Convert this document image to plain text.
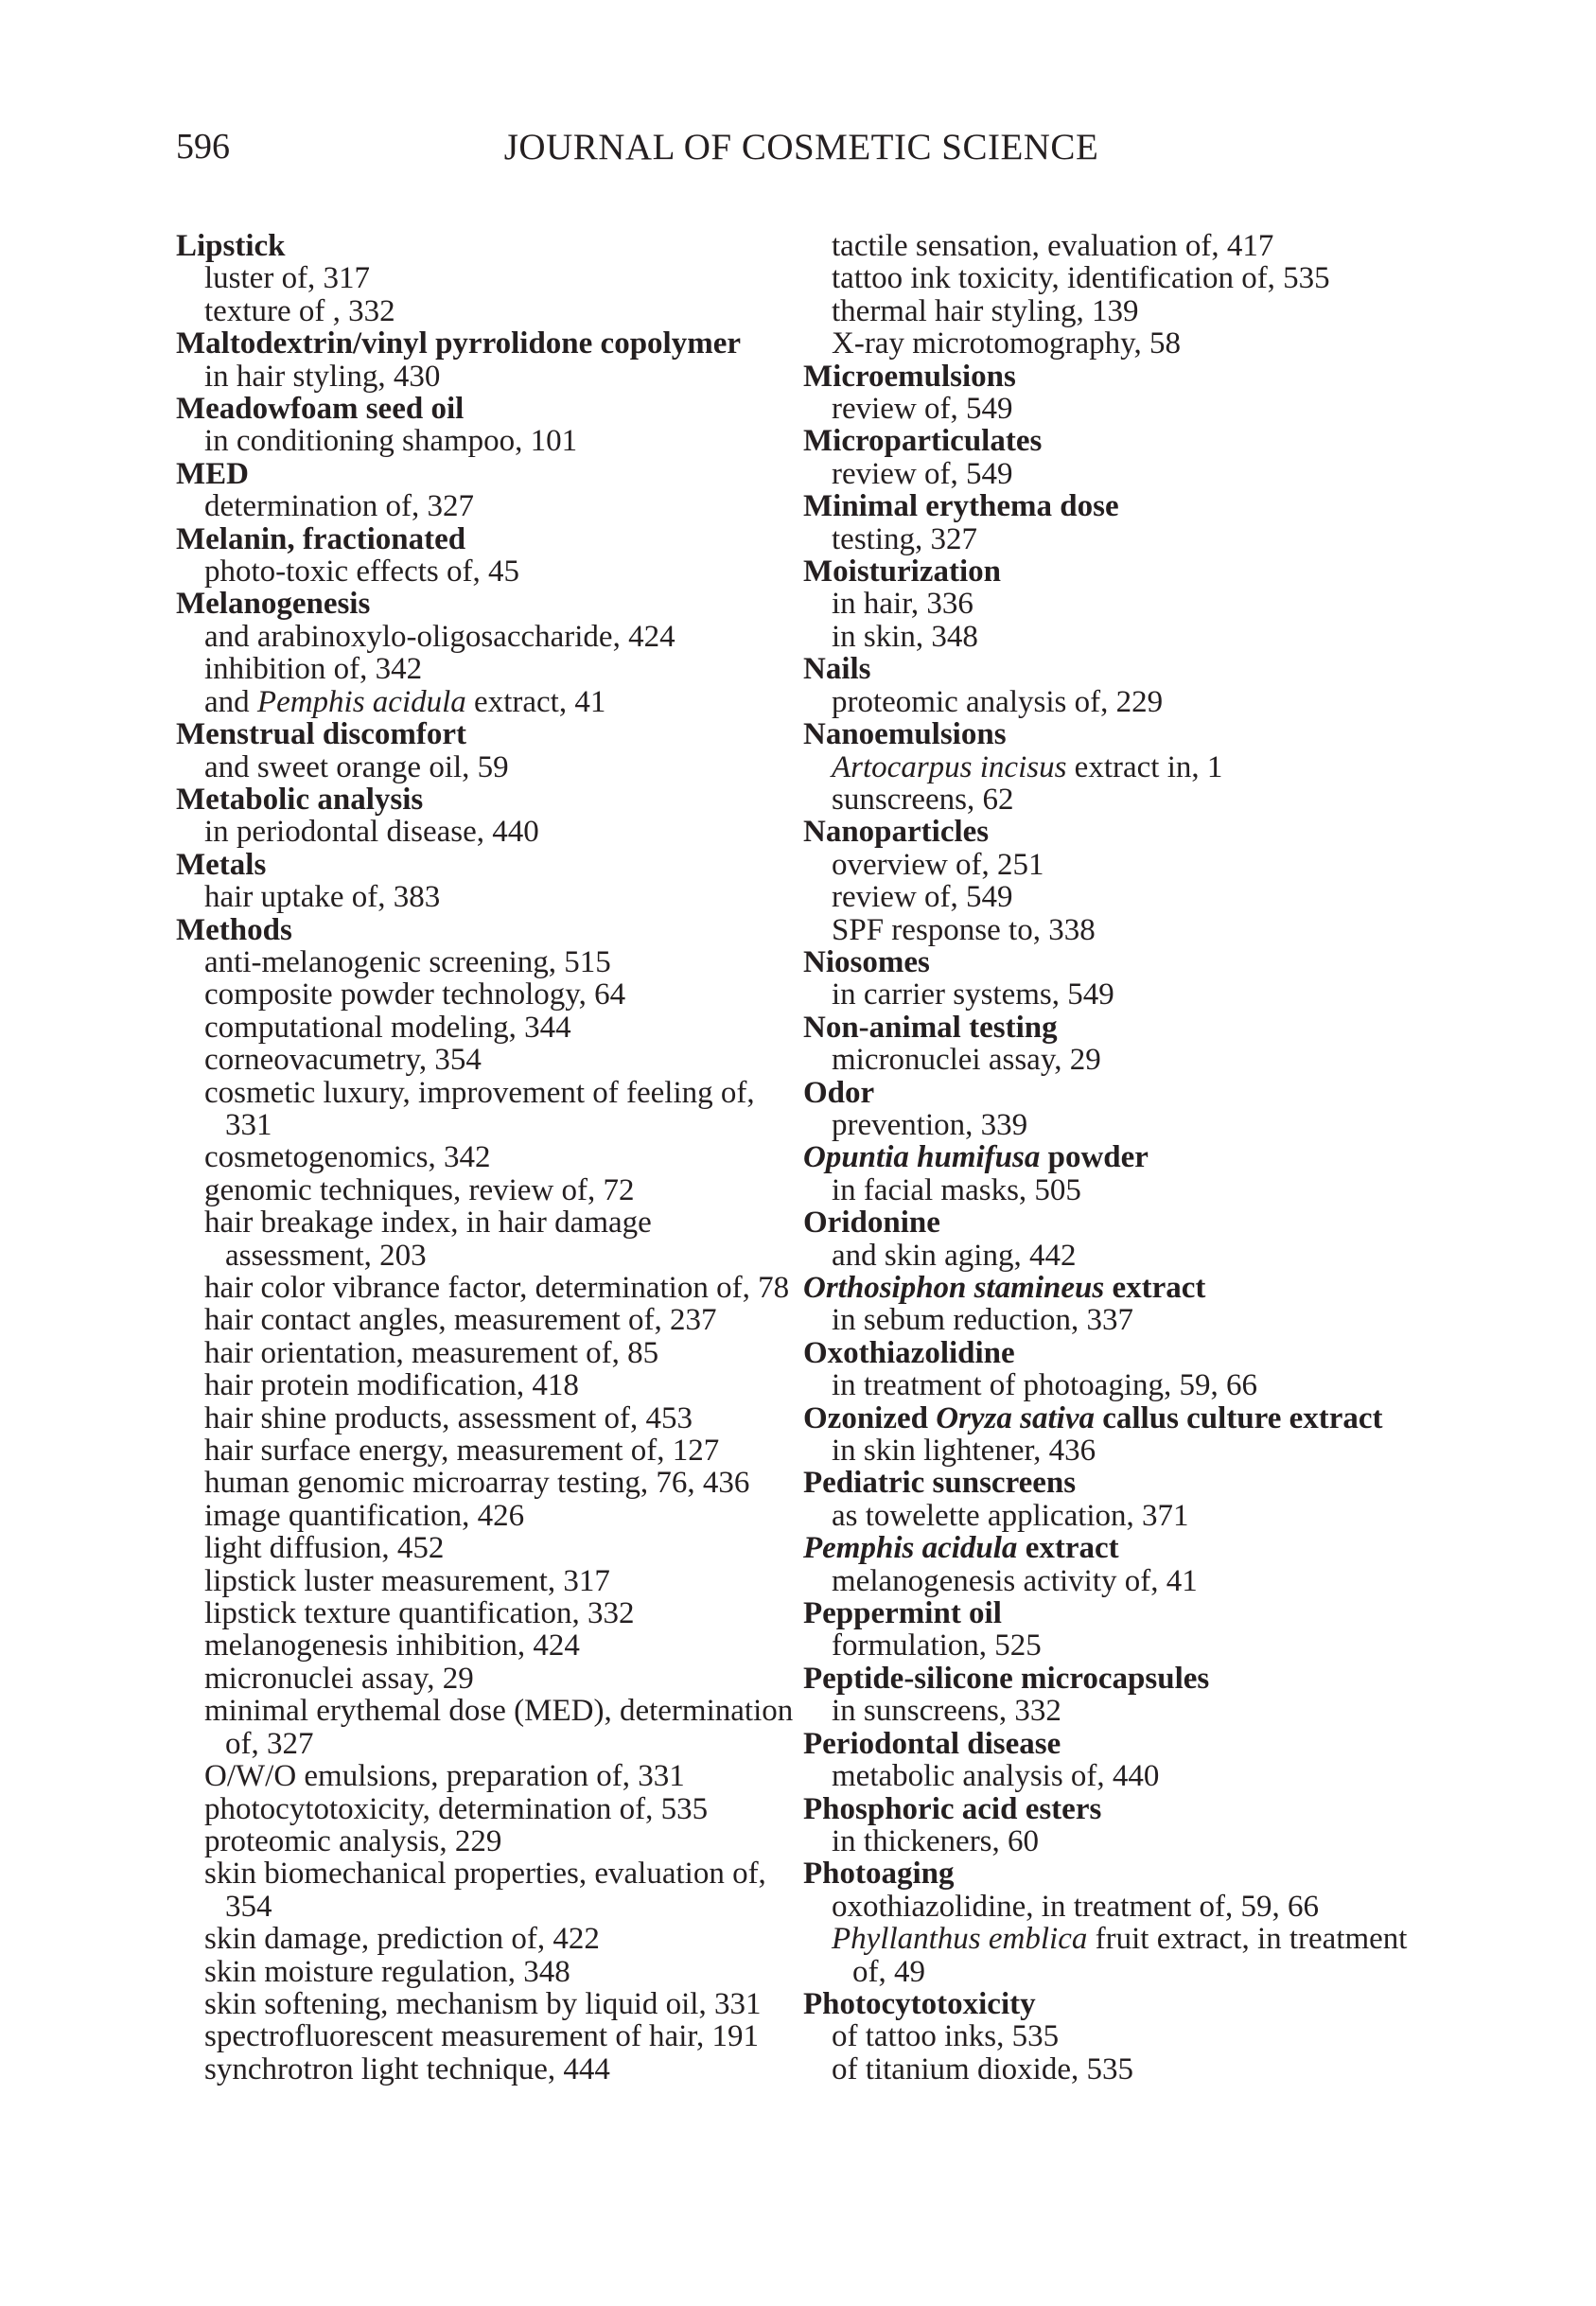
596	JOURNAL OF COSMETIC SCIENCE
Lipstick
luster of, 317
texture of , 332
Maltodextrin/vinyl pyrrolidone copolymer
in hair styling, 430
Meadowfoam seed oil
in conditioning shampoo, 101
MED
determination of, 327
Melanin, fractionated
photo-toxic effects of, 45
Melanogenesis
and arabinoxylo-oligosaccharide, 424
inhibition of, 342
and Pemphis acidula extract, 41
Menstrual discomfort
and sweet orange oil, 59
Metabolic analysis
in periodontal disease, 440
Metals
hair uptake of, 383
Methods
anti-melanogenic screening, 515
composite powder technology, 64
computational modeling, 344
corneovacumetry, 354
cosmetic luxury, improvement of feeling of,
331
cosmetogenomics, 342
genomic techniques, review of, 72
hair breakage index, in hair damage
assessment, 203
hair color vibrance factor, determination of, 78
hair contact angles, measurement of, 237
hair orientation, measurement of, 85
hair protein modification, 418
hair shine products, assessment of, 453
hair surface energy, measurement of, 127
human genomic microarray testing, 76, 436
image quantification, 426
light diffusion, 452
lipstick luster measurement, 317
lipstick texture quantification, 332
melanogenesis inhibition, 424
micronuclei assay, 29
minimal erythemal dose (MED), determination
of, 327
O/W/O emulsions, preparation of, 331
photocytotoxicity, determination of, 535
proteomic analysis, 229
skin biomechanical properties, evaluation of,
354
skin damage, prediction of, 422
skin moisture regulation, 348
skin softening, mechanism by liquid oil, 331
spectrofluorescent measurement of hair, 191
synchrotron light technique, 444
tactile sensation, evaluation of, 417
tattoo ink toxicity, identification of, 535
thermal hair styling, 139
X-ray microtomography, 58
Microemulsions
review of, 549
Microparticulates
review of, 549
Minimal erythema dose
testing, 327
Moisturization
in hair, 336
in skin, 348
Nails
proteomic analysis of, 229
Nanoemulsions
Artocarpus incisus extract in, 1
sunscreens, 62
Nanoparticles
overview of, 251
review of, 549
SPF response to, 338
Niosomes
in carrier systems, 549
Non-animal testing
micronuclei assay, 29
Odor
prevention, 339
Opuntia humifusa powder
in facial masks, 505
Oridonine
and skin aging, 442
Orthosiphon stamineus extract
in sebum reduction, 337
Oxothiazolidine
in treatment of photoaging, 59, 66
Ozonized Oryza sativa callus culture extract
in skin lightener, 436
Pediatric sunscreens
as towelette application, 371
Pemphis acidula extract
melanogenesis activity of, 41
Peppermint oil
formulation, 525
Peptide-silicone microcapsules
in sunscreens, 332
Periodontal disease
metabolic analysis of, 440
Phosphoric acid esters
in thickeners, 60
Photoaging
oxothiazolidine, in treatment of, 59, 66
Phyllanthus emblica fruit extract, in treatment
of, 49
Photocytotoxicity
of tattoo inks, 535
of titanium dioxide, 535
